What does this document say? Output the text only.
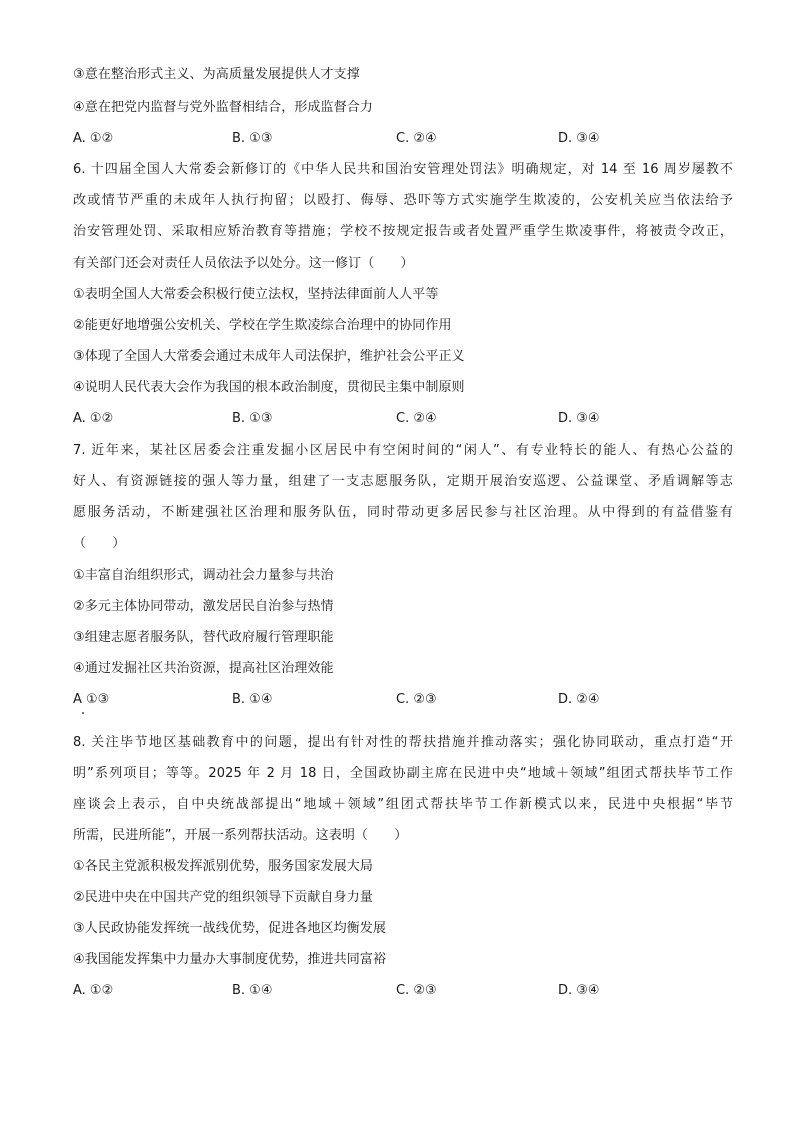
③意在整治形式主义、为高质量发展提供人才支撑
④意在把党内监督与党外监督相结合，形成监督合力
A. ①②	B. ①③	C. ②④	D. ③④
6. 十四届全国人大常委会新修订的《中华人民共和国治安管理处罚法》明确规定，对 14 至 16 周岁屡教不
改或情节严重的未成年人执行拘留；以殴打、侮辱、恐吓等方式实施学生欺凌的，公安机关应当依法给予
治安管理处罚、采取相应矫治教育等措施；学校不按规定报告或者处置严重学生欺凌事件，将被责令改正，
有关部门还会对责任人员依法予以处分。这一修订（　　）
①表明全国人大常委会积极行使立法权，坚持法律面前人人平等
②能更好地增强公安机关、学校在学生欺凌综合治理中的协同作用
③体现了全国人大常委会通过未成年人司法保护，维护社会公平正义
④说明人民代表大会作为我国的根本政治制度，贯彻民主集中制原则
A. ①②	B. ①③	C. ②④	D. ③④
7. 近年来，某社区居委会注重发掘小区居民中有空闲时间的“闲人”、有专业特长的能人、有热心公益的
好人、有资源链接的强人等力量，组建了一支志愿服务队，定期开展治安巡逻、公益课堂、矛盾调解等志
愿服务活动，不断建强社区治理和服务队伍，同时带动更多居民参与社区治理。从中得到的有益借鉴有
（　　）
①丰富自治组织形式，调动社会力量参与共治
②多元主体协同带动，激发居民自治参与热情
③组建志愿者服务队，替代政府履行管理职能
④通过发掘社区共治资源，提高社区治理效能
A ①③	B. ①④	C. ②③	D. ②④
8. 关注毕节地区基础教育中的问题，提出有针对性的帮扶措施并推动落实；强化协同联动，重点打造“开
明”系列项目；等等。2025 年 2 月 18 日，全国政协副主席在民进中央“地域＋领域”组团式帮扶毕节工作
座谈会上表示，自中央统战部提出“地域＋领域”组团式帮扶毕节工作新模式以来，民进中央根据“毕节
所需，民进所能”，开展一系列帮扶活动。这表明（　　）
①各民主党派积极发挥派别优势，服务国家发展大局
②民进中央在中国共产党的组织领导下贡献自身力量
③人民政协能发挥统一战线优势，促进各地区均衡发展
④我国能发挥集中力量办大事制度优势，推进共同富裕
A. ①②	B. ①④	C. ②③	D. ③④
